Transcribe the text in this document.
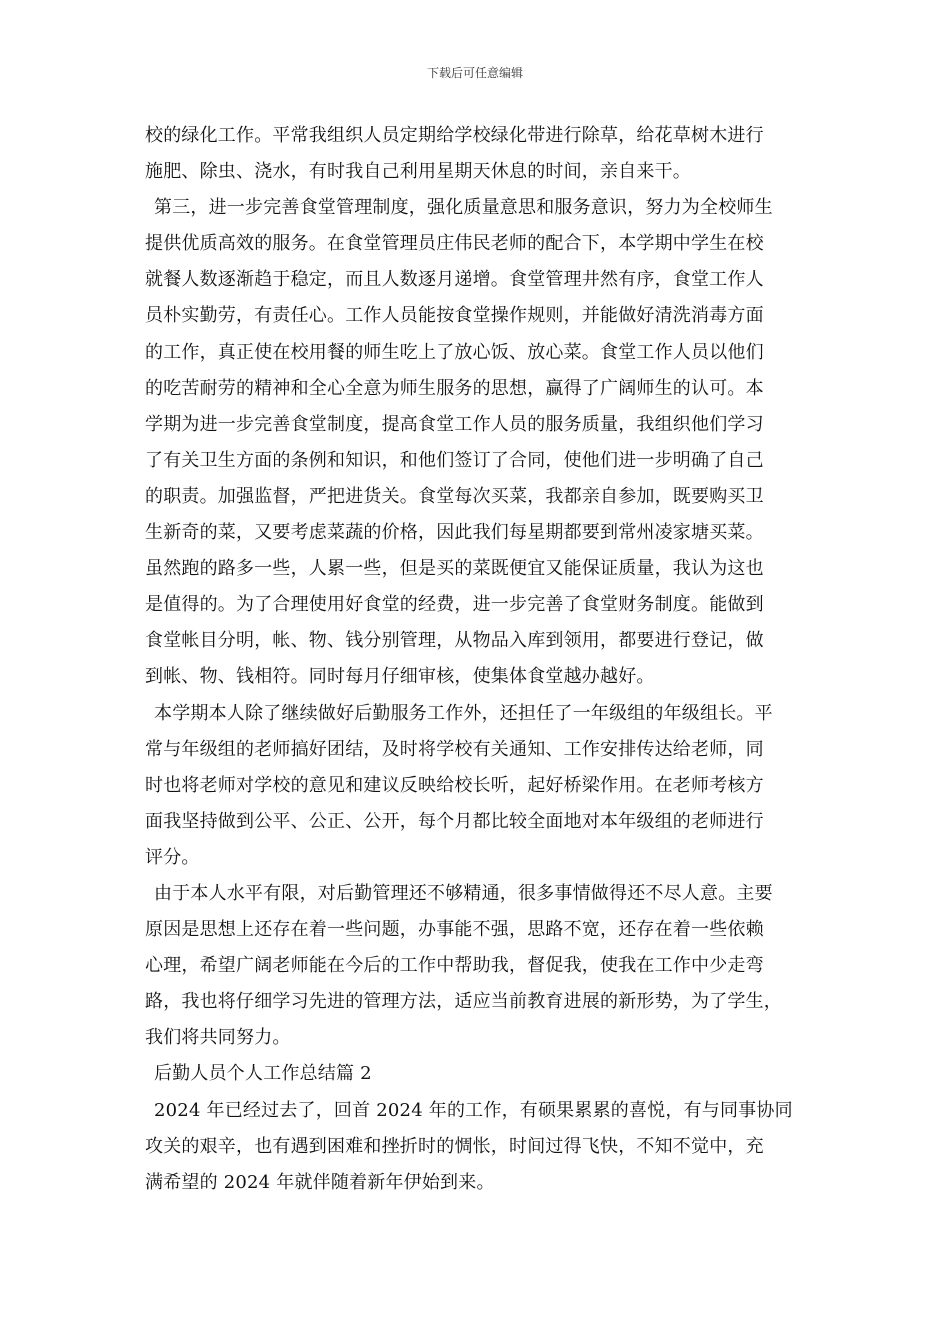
下载后可任意编辑
校的绿化工作。平常我组织人员定期给学校绿化带进行除草，给花草树木进行
施肥、除虫、浇水，有时我自己利用星期天休息的时间，亲自来干。
第三，进一步完善食堂管理制度，强化质量意思和服务意识，努力为全校师生
提供优质高效的服务。在食堂管理员庄伟民老师的配合下，本学期中学生在校
就餐人数逐渐趋于稳定，而且人数逐月递增。食堂管理井然有序，食堂工作人
员朴实勤劳，有责任心。工作人员能按食堂操作规则，并能做好清洗消毒方面
的工作，真正使在校用餐的师生吃上了放心饭、放心菜。食堂工作人员以他们
的吃苦耐劳的精神和全心全意为师生服务的思想，赢得了广阔师生的认可。本
学期为进一步完善食堂制度，提高食堂工作人员的服务质量，我组织他们学习
了有关卫生方面的条例和知识，和他们签订了合同，使他们进一步明确了自己
的职责。加强监督，严把进货关。食堂每次买菜，我都亲自参加，既要购买卫
生新奇的菜，又要考虑菜蔬的价格，因此我们每星期都要到常州凌家塘买菜。
虽然跑的路多一些，人累一些，但是买的菜既便宜又能保证质量，我认为这也
是值得的。为了合理使用好食堂的经费，进一步完善了食堂财务制度。能做到
食堂帐目分明，帐、物、钱分别管理，从物品入库到领用，都要进行登记，做
到帐、物、钱相符。同时每月仔细审核，使集体食堂越办越好。
本学期本人除了继续做好后勤服务工作外，还担任了一年级组的年级组长。平
常与年级组的老师搞好团结，及时将学校有关通知、工作安排传达给老师，同
时也将老师对学校的意见和建议反映给校长听，起好桥梁作用。在老师考核方
面我坚持做到公平、公正、公开，每个月都比较全面地对本年级组的老师进行
评分。
由于本人水平有限，对后勤管理还不够精通，很多事情做得还不尽人意。主要
原因是思想上还存在着一些问题，办事能不强，思路不宽，还存在着一些依赖
心理，希望广阔老师能在今后的工作中帮助我，督促我，使我在工作中少走弯
路，我也将仔细学习先进的管理方法，适应当前教育进展的新形势，为了学生，
我们将共同努力。
后勤人员个人工作总结篇 2
2024 年已经过去了，回首 2024 年的工作，有硕果累累的喜悦，有与同事协同
攻关的艰辛，也有遇到困难和挫折时的惆怅，时间过得飞快，不知不觉中，充
满希望的 2024 年就伴随着新年伊始到来。
